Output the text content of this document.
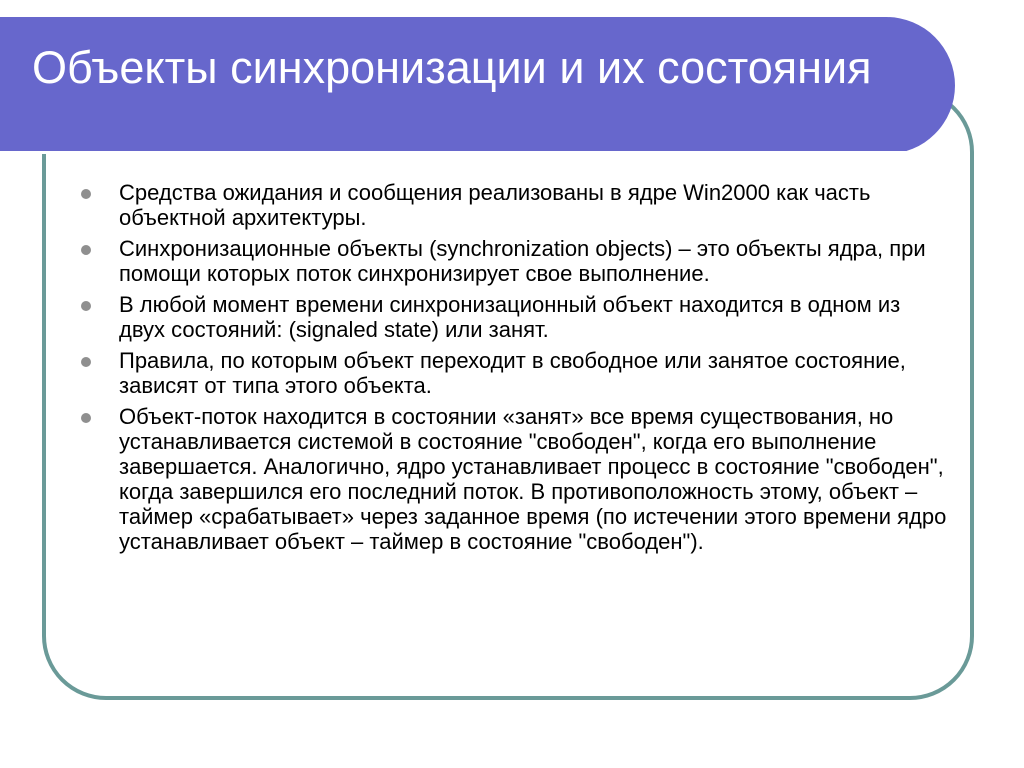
Объекты синхронизации и их состояния
Средства ожидания и сообщения реализованы в ядре Win2000 как часть объектной архитектуры.
Синхронизационные объекты (synchronization objects) – это объекты ядра, при помощи которых поток синхронизирует свое выполнение.
В любой момент времени синхронизационный объект находится в одном из двух состояний: (signaled state) или занят.
Правила, по которым объект переходит в свободное или занятое состояние, зависят от типа этого объекта.
Объект-поток находится в состоянии «занят» все время существования, но устанавливается системой в состояние "свободен", когда его выполнение завершается. Аналогично, ядро устанавливает процесс в состояние "свободен", когда завершился его последний поток. В противоположность этому, объект – таймер «срабатывает» через заданное время (по истечении этого времени ядро устанавливает объект – таймер в состояние "свободен").
